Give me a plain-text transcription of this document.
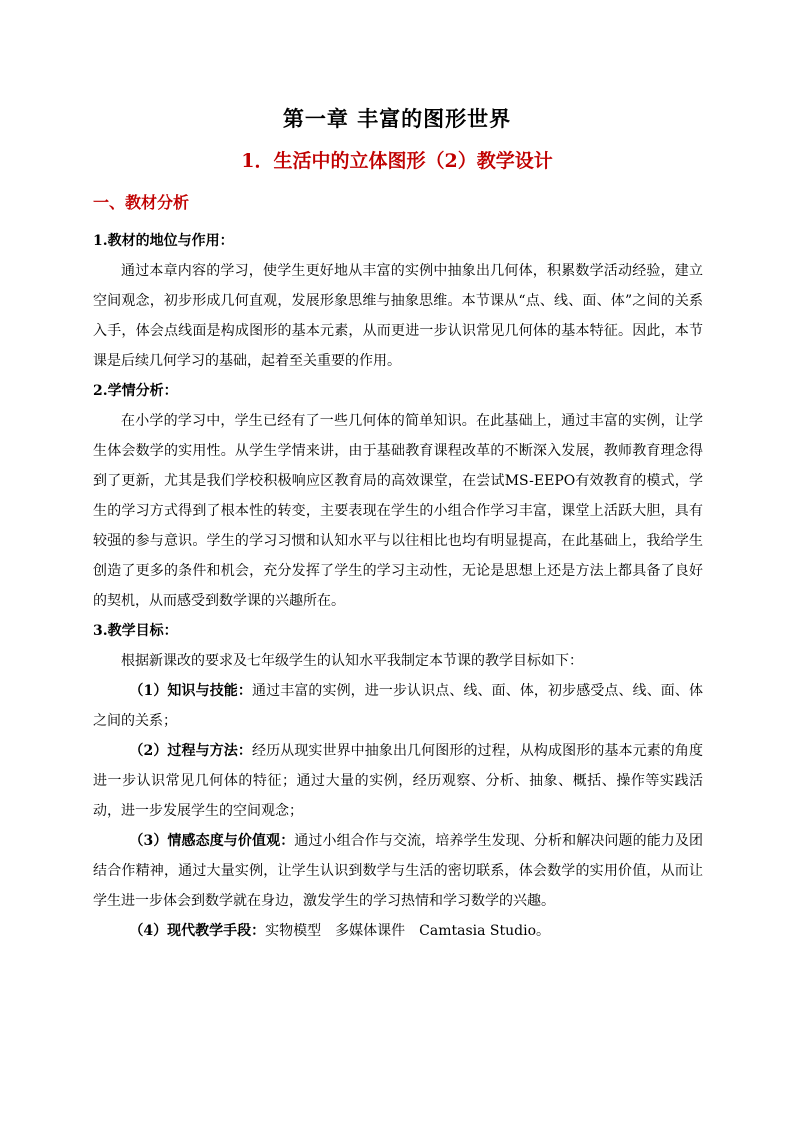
第一章 丰富的图形世界
1．生活中的立体图形（2）教学设计
一、教材分析

1.教材的地位与作用：

通过本章内容的学习，使学生更好地从丰富的实例中抽象出几何体，积累数学活动经验，建立空间观念，初步形成几何直观，发展形象思维与抽象思维。本节课从“点、线、面、体”之间的关系入手，体会点线面是构成图形的基本元素，从而更进一步认识常见几何体的基本特征。因此，本节课是后续几何学习的基础，起着至关重要的作用。

2.学情分析：

在小学的学习中，学生已经有了一些几何体的简单知识。在此基础上，通过丰富的实例，让学生体会数学的实用性。从学生学情来讲，由于基础教育课程改革的不断深入发展，教师教育理念得到了更新，尤其是我们学校积极响应区教育局的高效课堂，在尝试MS-EEPO有效教育的模式，学生的学习方式得到了根本性的转变，主要表现在学生的小组合作学习丰富，课堂上活跃大胆，具有较强的参与意识。学生的学习习惯和认知水平与以往相比也均有明显提高，在此基础上，我给学生创造了更多的条件和机会，充分发挥了学生的学习主动性，无论是思想上还是方法上都具备了良好的契机，从而感受到数学课的兴趣所在。

3.教学目标：

根据新课改的要求及七年级学生的认知水平我制定本节课的教学目标如下：

（1）知识与技能：通过丰富的实例，进一步认识点、线、面、体，初步感受点、线、面、体之间的关系；

（2）过程与方法：经历从现实世界中抽象出几何图形的过程，从构成图形的基本元素的角度进一步认识常见几何体的特征；通过大量的实例，经历观察、分析、抽象、概括、操作等实践活动，进一步发展学生的空间观念；

（3）情感态度与价值观：通过小组合作与交流，培养学生发现、分析和解决问题的能力及团结合作精神，通过大量实例，让学生认识到数学与生活的密切联系，体会数学的实用价值，从而让学生进一步体会到数学就在身边，激发学生的学习热情和学习数学的兴趣。

（4）现代教学手段：实物模型 多媒体课件 Camtasia Studio。
